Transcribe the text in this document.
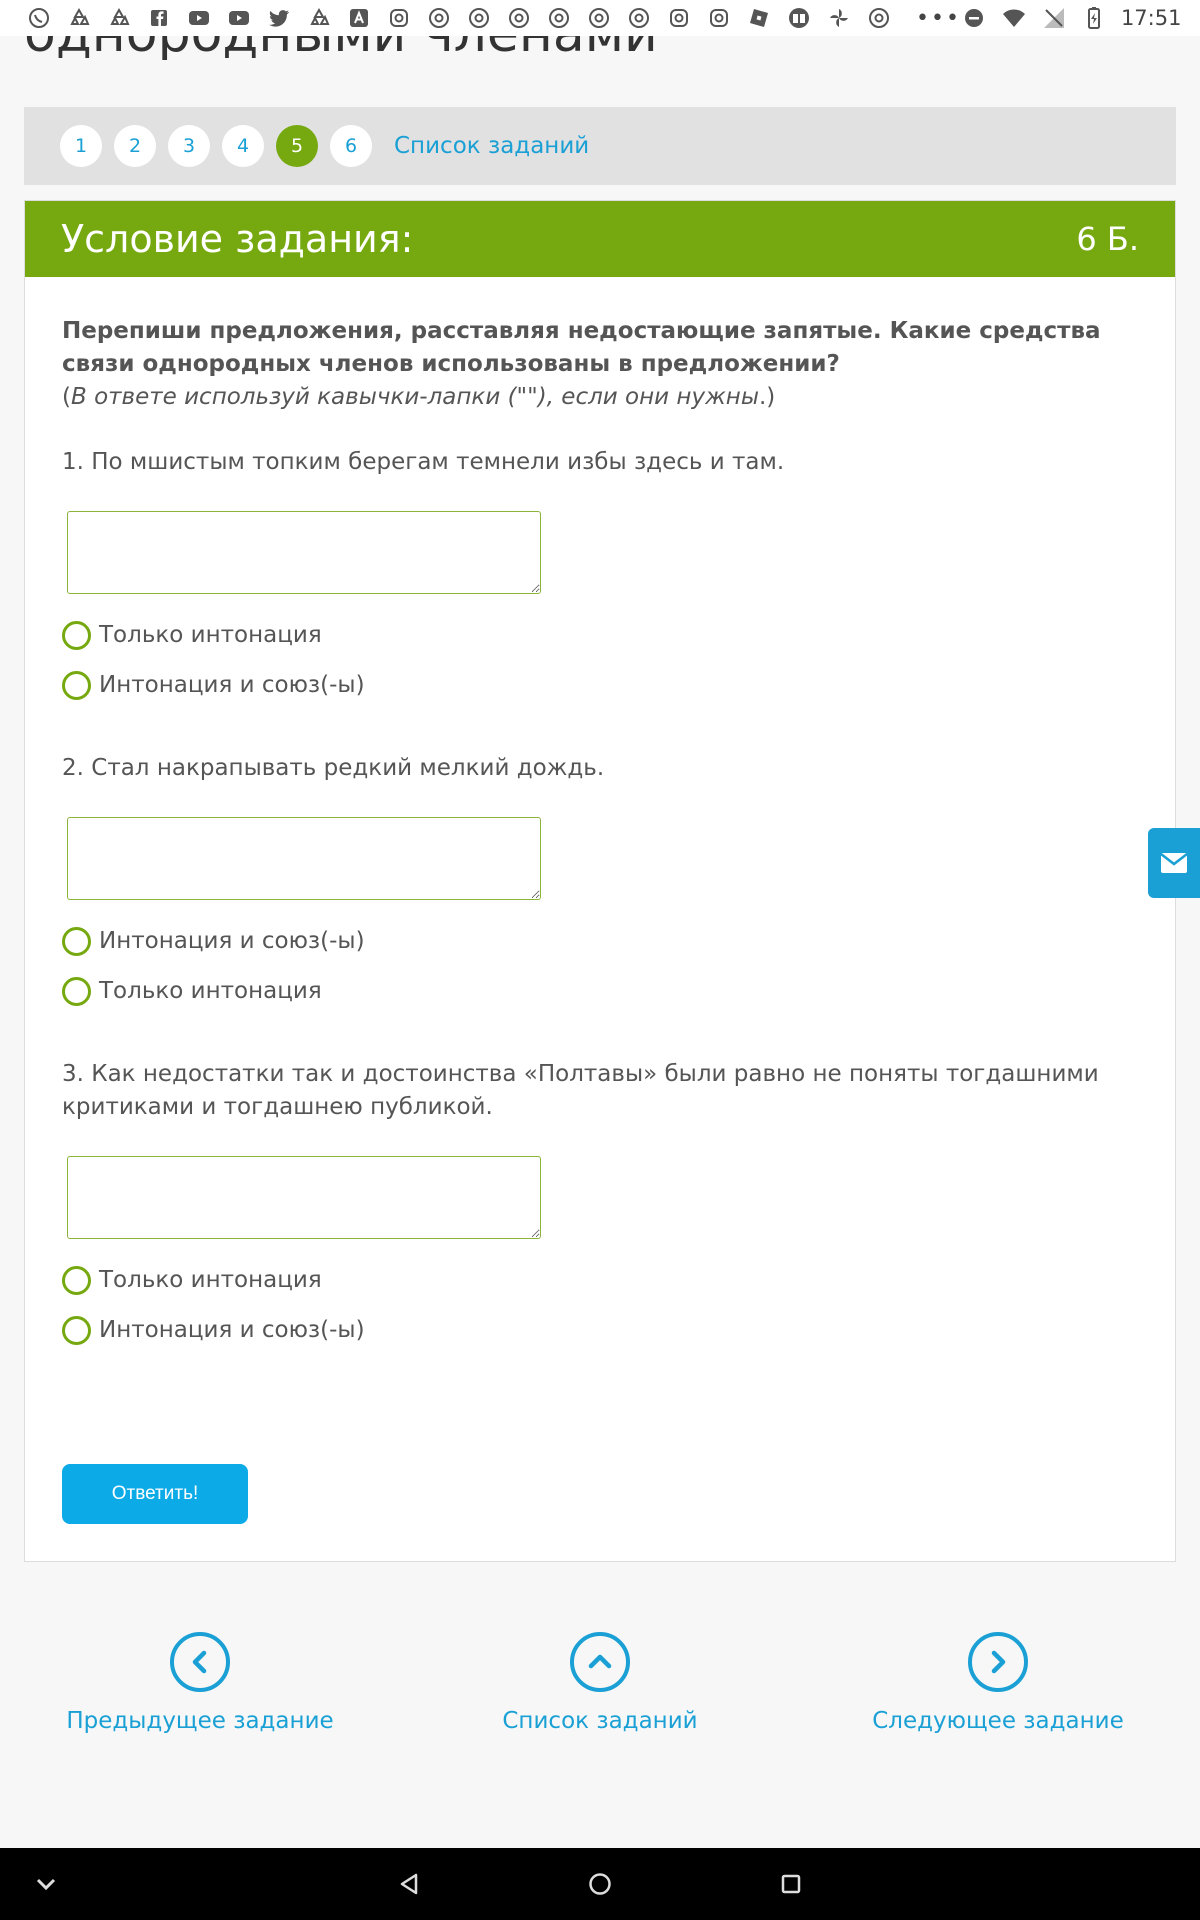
•••	17:51
1	2	3	4	5	6	Список заданий
Условие задания:	6 Б.

Перепиши предложения, расставляя недостающие запятые. Какие средства связи однородных членов использованы в предложении?

(В ответе используй кавычки-лапки (""), если они нужны.)

1. По мшистым топким берегам темнели избы здесь и там.

Только интонация
Интонация и союз(-ы)

2. Стал накрапывать редкий мелкий дождь.

Интонация и союз(-ы)
Только интонация

3. Как недостатки так и достоинства «Полтавы» были равно не поняты тогдашними критиками и тогдашнею публикой.

Только интонация
Интонация и союз(-ы)
Ответить!
Предыдущее задание	Список заданий	Следующее задание
